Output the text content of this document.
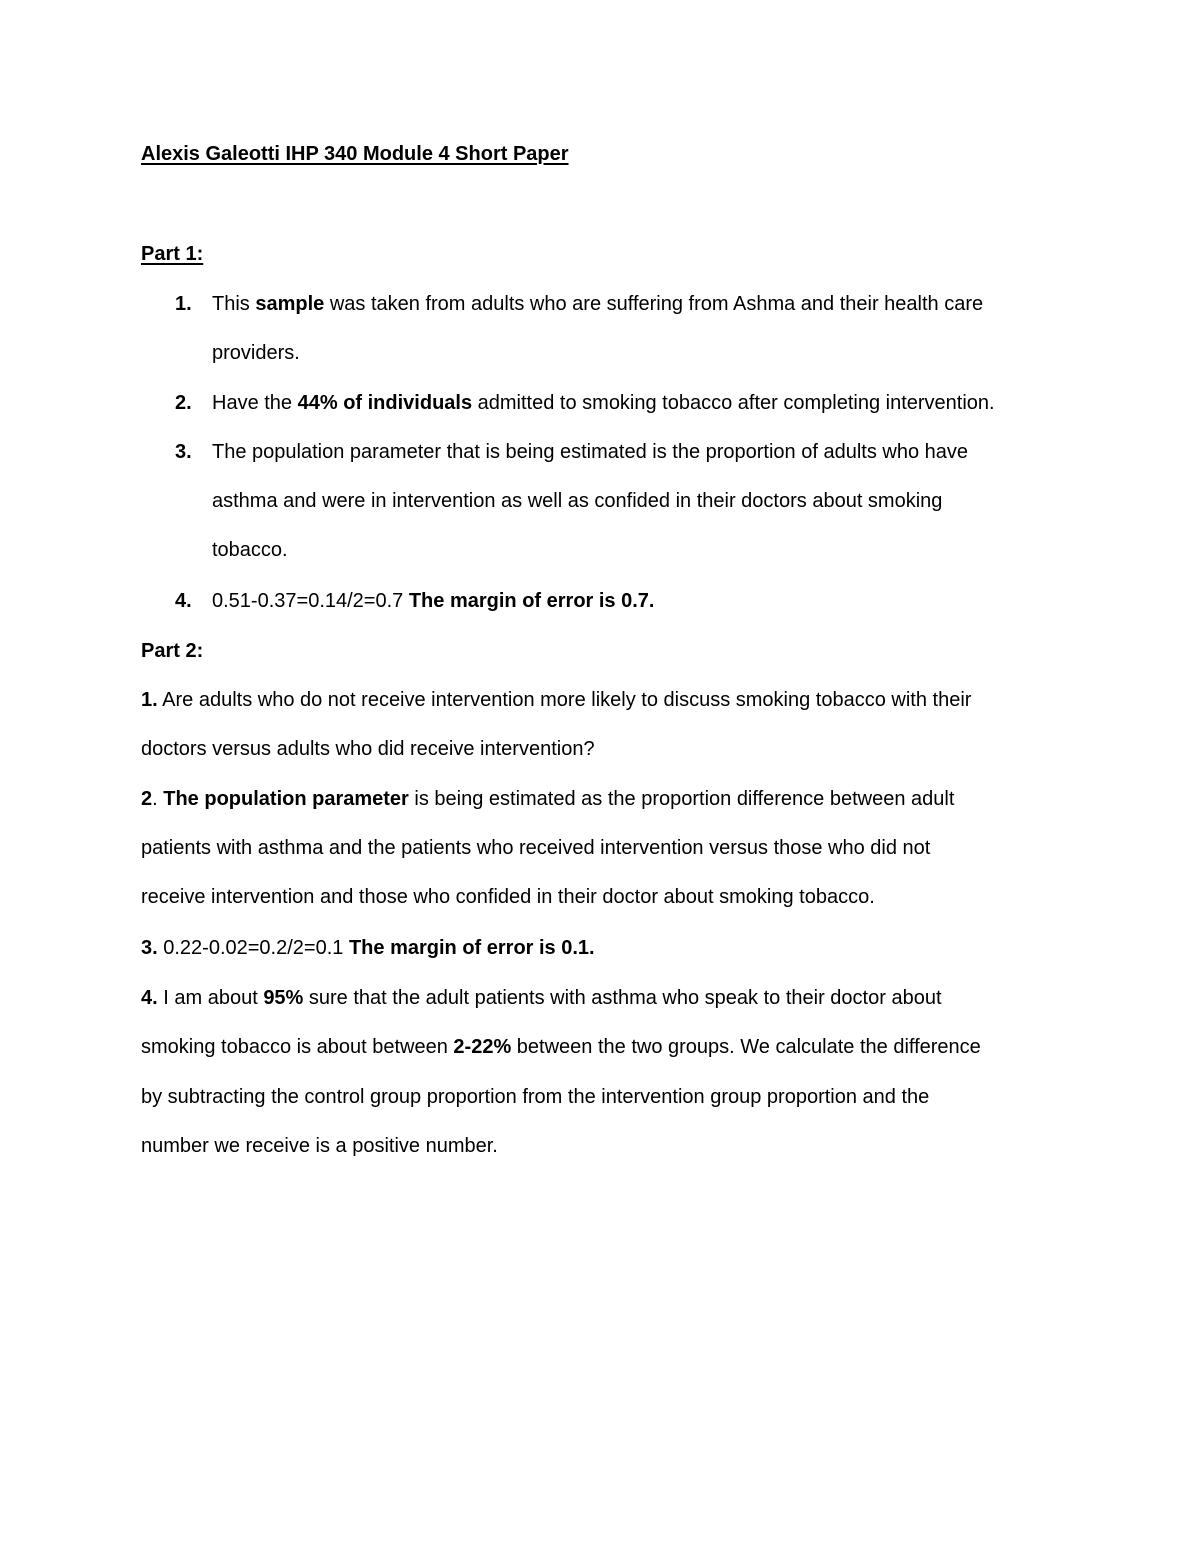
Alexis Galeotti IHP 340 Module 4 Short Paper
Part 1:
1. This sample was taken from adults who are suffering from Ashma and their health care
providers.
2. Have the 44% of individuals admitted to smoking tobacco after completing intervention.
3. The population parameter that is being estimated is the proportion of adults who have
asthma and were in intervention as well as confided in their doctors about smoking
tobacco.
4. 0.51-0.37=0.14/2=0.7 The margin of error is 0.7.
Part 2:
1. Are adults who do not receive intervention more likely to discuss smoking tobacco with their
doctors versus adults who did receive intervention?
2. The population parameter is being estimated as the proportion difference between adult
patients with asthma and the patients who received intervention versus those who did not
receive intervention and those who confided in their doctor about smoking tobacco.
3. 0.22-0.02=0.2/2=0.1 The margin of error is 0.1.
4. I am about 95% sure that the adult patients with asthma who speak to their doctor about
smoking tobacco is about between 2-22% between the two groups. We calculate the difference
by subtracting the control group proportion from the intervention group proportion and the
number we receive is a positive number.
